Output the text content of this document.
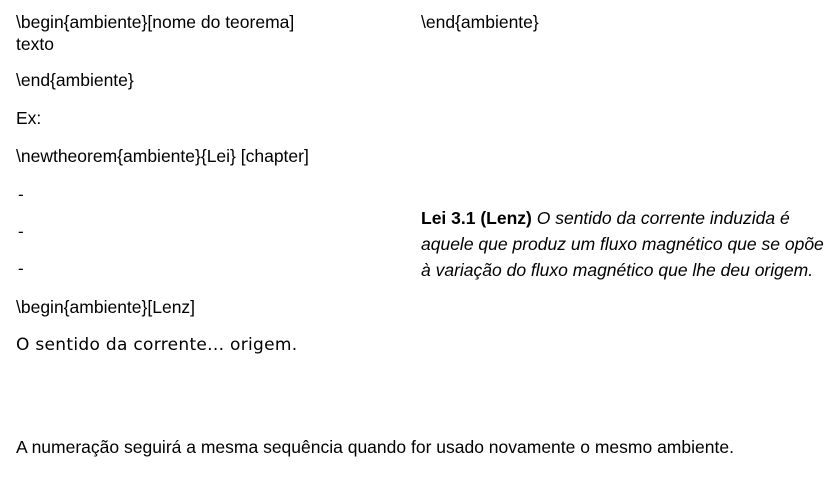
\begin{ambiente}[nome do teorema]

texto

\end{ambiente}

Ex:

\newtheorem{ambiente}{Lei} [chapter]

-
-
-

\begin{ambiente}[Lenz]

O sentido da corrente... origem.

\end{ambiente}

Lei 3.1 (Lenz) O sentido da corrente induzida é aquele que produz um fluxo magnético que se opõe à variação do fluxo magnético que lhe deu origem.

A numeração seguirá a mesma sequência quando for usado novamente o mesmo ambiente.
